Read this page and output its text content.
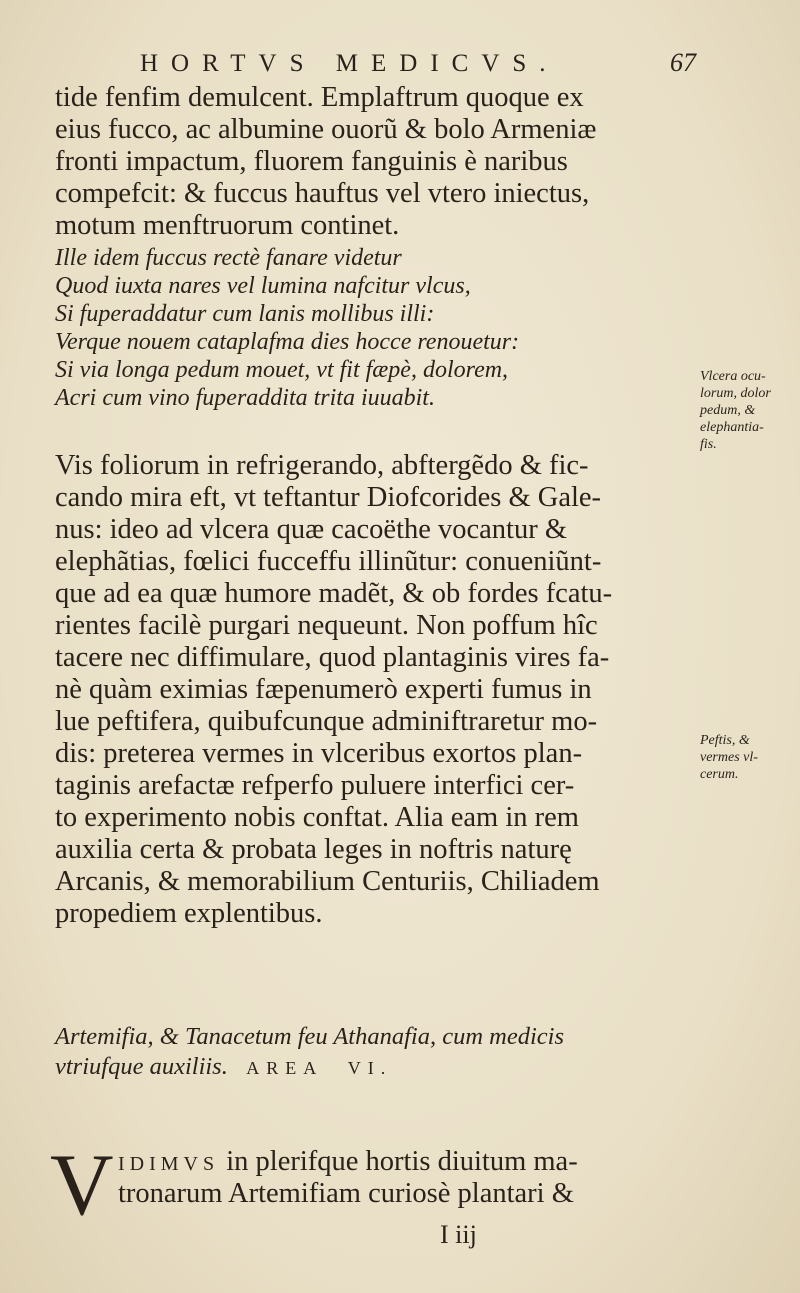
HORTVS MEDICVS.	67
tide fenfim demulcent. Emplaftrum quoque ex
eius fucco, ac albumine ouorũ & bolo Armeniæ
fronti impactum, fluorem fanguinis è naribus
compefcit: & fuccus hauftus vel vtero iniectus,
motum menftruorum continet.
Ille idem fuccus rectè fanare videtur
Quod iuxta nares vel lumina nafcitur vlcus,
Si fuperaddatur cum lanis mollibus illi:
Verque nouem cataplafma dies hocce renouetur:
Si via longa pedum mouet, vt fit fæpè, dolorem,
Acri cum vino fuperaddita trita iuuabit.
Vlcera ocu-
lorum, dolor
pedum, &
elephantia-
fis.
Vis foliorum in refrigerando, abftergẽdo & fic-
cando mira eft, vt teftantur Diofcorides & Gale-
nus: ideo ad vlcera quæ cacoëthe vocantur &
elephãtias, fœlici fucceffu illinũtur: conueniũnt-
que ad ea quæ humore madẽt, & ob fordes fcatu-
rientes facilè purgari nequeunt. Non poffum hîc
tacere nec diffimulare, quod plantaginis vires fa-
nè quàm eximias fæpenumerò experti fumus in
lue peftifera, quibufcunque adminiftraretur mo-
dis: preterea vermes in vlceribus exortos plan-
taginis arefactæ refperfo puluere interfici cer-
to experimento nobis conftat. Alia eam in rem
auxilia certa & probata leges in noftris naturę
Arcanis, & memorabilium Centuriis, Chiliadem
propediem explentibus.
Peftis, &
vermes vl-
cerum.
Artemifia, & Tanacetum feu Athanafia, cum medicis
vtriufque auxiliis. AREA VI.
V IDIMVS in plerifque hortis diuitum ma-
tronarum Artemifiam curiosè plantari &
I iij
